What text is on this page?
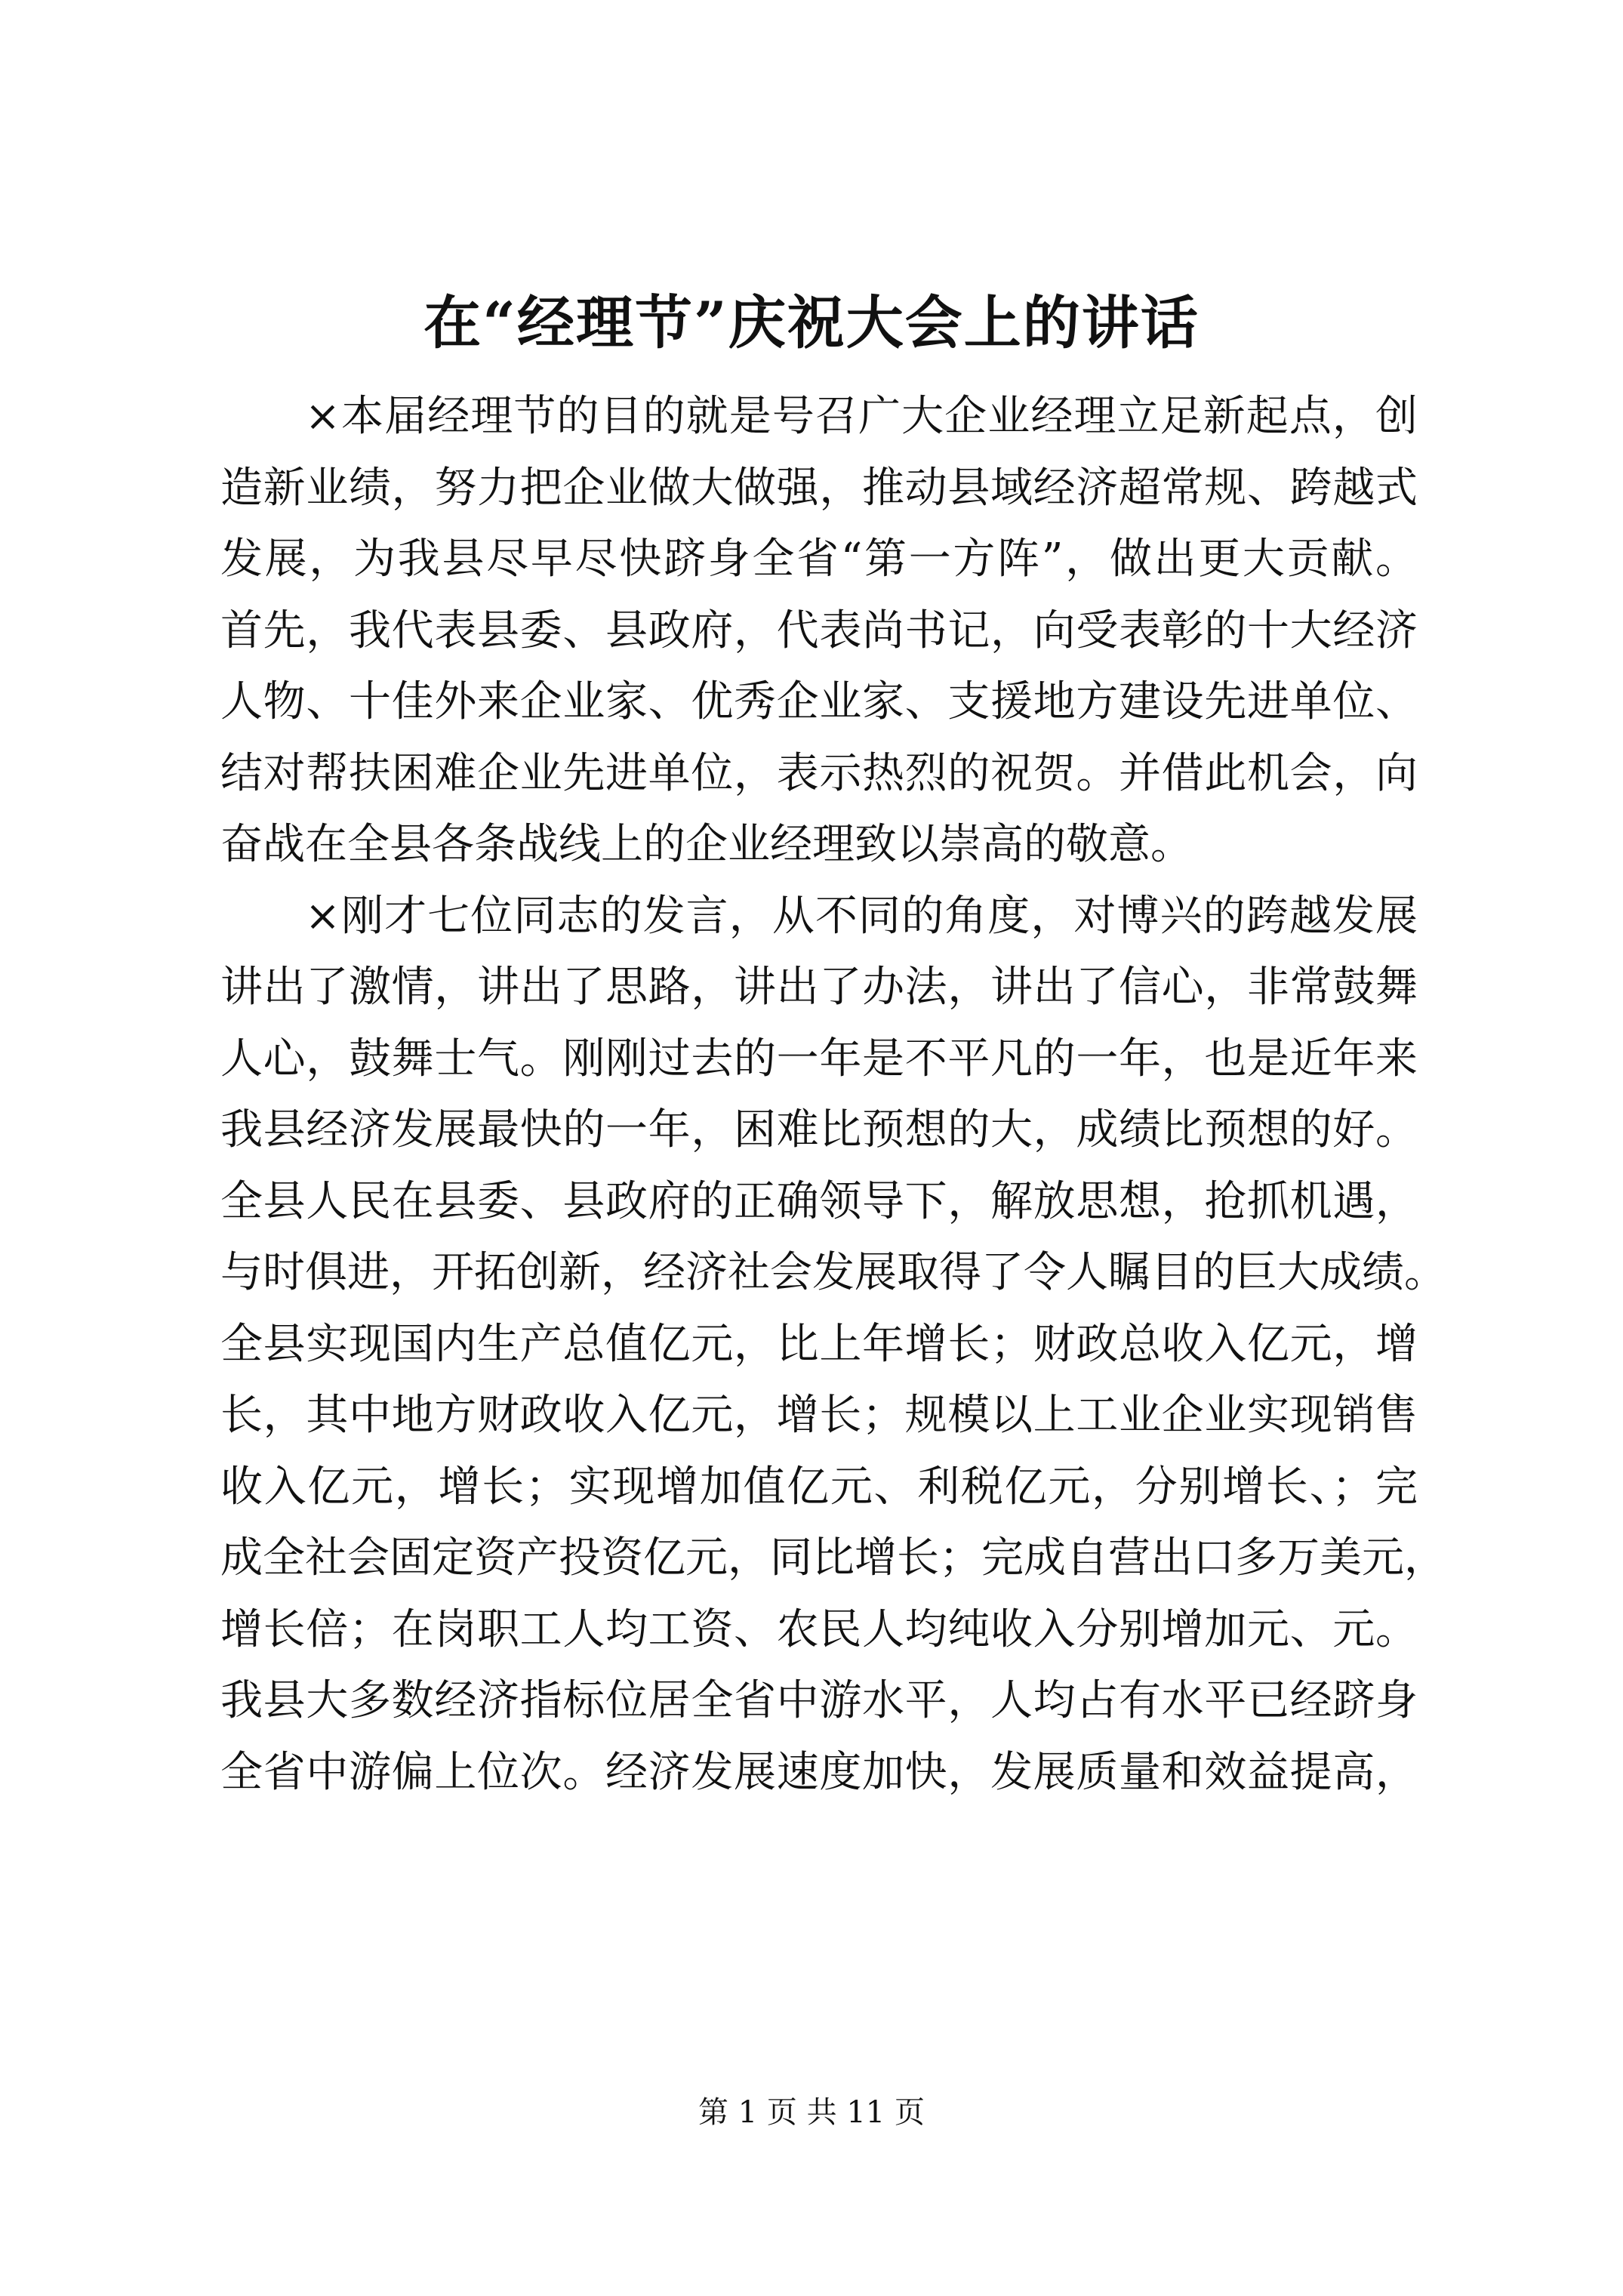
在“经理节”庆祝大会上的讲话
×本届经理节的目的就是号召广大企业经理立足新起点，创
造新业绩，努力把企业做大做强，推动县域经济超常规、跨越式
发展，为我县尽早尽快跻身全省“第一方阵”，做出更大贡献。
首先，我代表县委、县政府，代表尚书记，向受表彰的十大经济
人物、十佳外来企业家、优秀企业家、支援地方建设先进单位、
结对帮扶困难企业先进单位，表示热烈的祝贺。并借此机会，向
奋战在全县各条战线上的企业经理致以崇高的敬意。
×刚才七位同志的发言，从不同的角度，对博兴的跨越发展
讲出了激情，讲出了思路，讲出了办法，讲出了信心，非常鼓舞
人心，鼓舞士气。刚刚过去的一年是不平凡的一年，也是近年来
我县经济发展最快的一年，困难比预想的大，成绩比预想的好。
全县人民在县委、县政府的正确领导下，解放思想，抢抓机遇，
与时俱进，开拓创新，经济社会发展取得了令人瞩目的巨大成绩。
全县实现国内生产总值亿元，比上年增长；财政总收入亿元，增
长，其中地方财政收入亿元，增长；规模以上工业企业实现销售
收入亿元，增长；实现增加值亿元、利税亿元，分别增长、；完
成全社会固定资产投资亿元，同比增长；完成自营出口多万美元，
增长倍；在岗职工人均工资、农民人均纯收入分别增加元、元。
我县大多数经济指标位居全省中游水平，人均占有水平已经跻身
全省中游偏上位次。经济发展速度加快，发展质量和效益提高，
第 1 页 共 11 页
